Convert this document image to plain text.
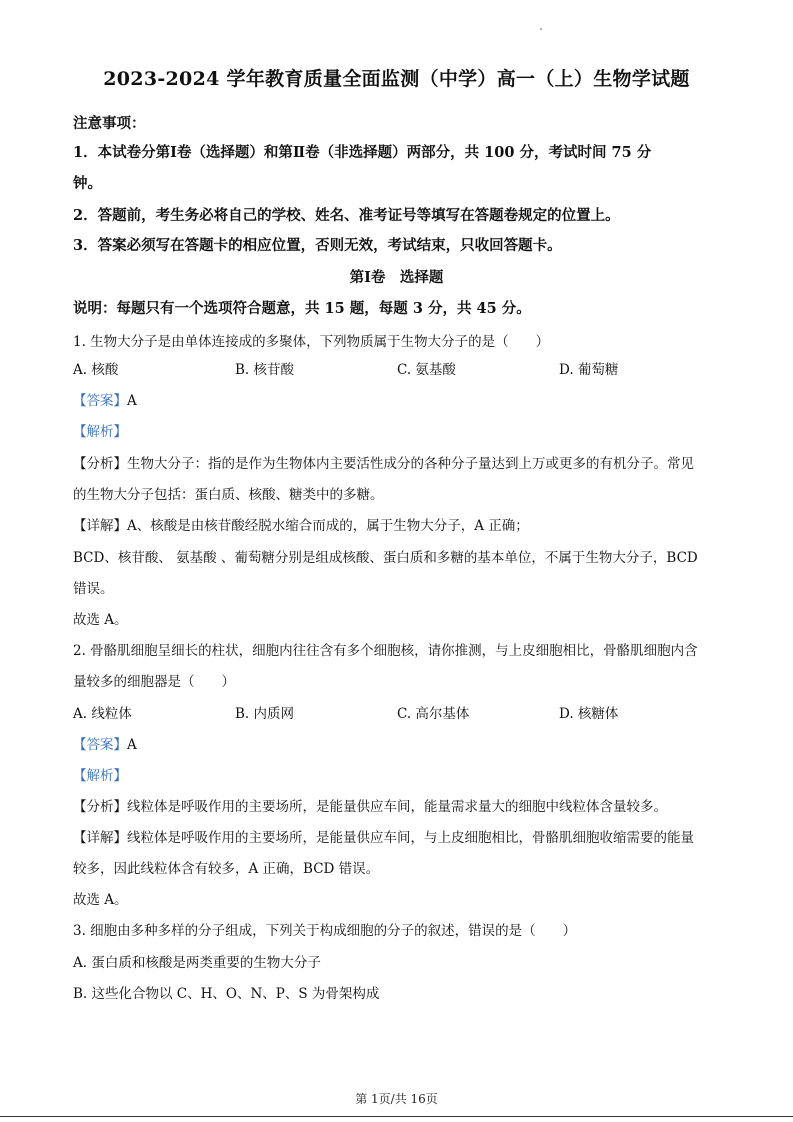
2023-2024 学年教育质量全面监测（中学）高一（上）生物学试题
注意事项：
1．本试卷分第Ⅰ卷（选择题）和第Ⅱ卷（非选择题）两部分，共 100 分，考试时间 75 分
钟。
2．答题前，考生务必将自己的学校、姓名、准考证号等填写在答题卷规定的位置上。
3．答案必须写在答题卡的相应位置，否则无效，考试结束，只收回答题卡。
第Ⅰ卷　选择题
说明：每题只有一个选项符合题意，共 15 题，每题 3 分，共 45 分。
1. 生物大分子是由单体连接成的多聚体，下列物质属于生物大分子的是（　　）
A. 核酸	B. 核苷酸	C. 氨基酸	D. 葡萄糖
【答案】A
【解析】
【分析】生物大分子：指的是作为生物体内主要活性成分的各种分子量达到上万或更多的有机分子。常见
的生物大分子包括：蛋白质、核酸、糖类中的多糖。
【详解】A、核酸是由核苷酸经脱水缩合而成的，属于生物大分子，A 正确；
BCD、核苷酸、 氨基酸 、葡萄糖分别是组成核酸、蛋白质和多糖的基本单位，不属于生物大分子，BCD
错误。
故选 A。
2. 骨骼肌细胞呈细长的柱状，细胞内往往含有多个细胞核，请你推测，与上皮细胞相比，骨骼肌细胞内含
量较多的细胞器是（　　）
A. 线粒体	B. 内质网	C. 高尔基体	D. 核糖体
【答案】A
【解析】
【分析】线粒体是呼吸作用的主要场所，是能量供应车间，能量需求量大的细胞中线粒体含量较多。
【详解】线粒体是呼吸作用的主要场所，是能量供应车间，与上皮细胞相比，骨骼肌细胞收缩需要的能量
较多，因此线粒体含有较多，A 正确，BCD 错误。
故选 A。
3. 细胞由多种多样的分子组成，下列关于构成细胞的分子的叙述，错误的是（　　）
A. 蛋白质和核酸是两类重要的生物大分子
B. 这些化合物以 C、H、O、N、P、S 为骨架构成
第 1页/共 16页
